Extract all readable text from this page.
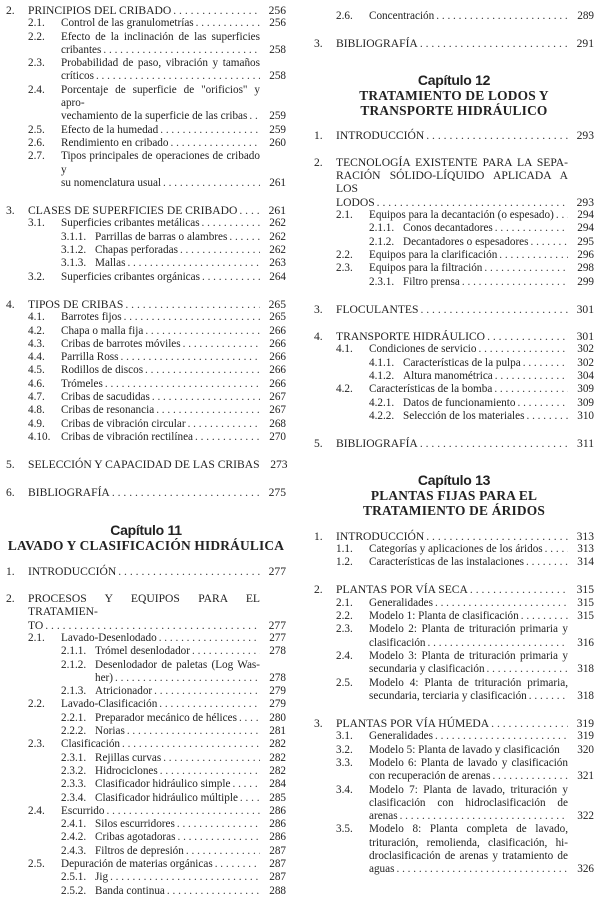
2. PRINCIPIOS DEL CRIBADO . . .	256
2.1. Control de las granulometrías . . .	256
2.2. Efecto de la inclinación de las superficies
cribantes . . .	258
2.3. Probabilidad de paso, vibración y tamaños
críticos . . .	258
2.4. Porcentaje de superficie de "orificios" y apro-
vechamiento de la superficie de las cribas . . .	259
2.5. Efecto de la humedad . . .	259
2.6. Rendimiento en cribado . . .	260
2.7. Tipos principales de operaciones de cribado y
su nomenclatura usual . . .	261
3. CLASES DE SUPERFICIES DE CRIBADO . . .	261
3.1. Superficies cribantes metálicas . . .	262
3.1.1. Parrillas de barras o alambres . . .	262
3.1.2. Chapas perforadas . . .	262
3.1.3. Mallas . . .	263
3.2. Superficies cribantes orgánicas . . .	264
4. TIPOS DE CRIBAS . . .	265
4.1. Barrotes fijos . . .	265
4.2. Chapa o malla fija . . .	266
4.3. Cribas de barrotes móviles . . .	266
4.4. Parrilla Ross . . .	266
4.5. Rodillos de discos . . .	266
4.6. Trómeles . . .	266
4.7. Cribas de sacudidas . . .	267
4.8. Cribas de resonancia . . .	267
4.9. Cribas de vibración circular . . .	268
4.10. Cribas de vibración rectilínea . . .	270
5. SELECCIÓN Y CAPACIDAD DE LAS CRIBAS 273
6. BIBLIOGRAFÍA . . .	275
Capítulo 11
LAVADO Y CLASIFICACIÓN HIDRÁULICA
1. INTRODUCCIÓN . . .	277
2. PROCESOS Y EQUIPOS PARA EL TRATAMIEN-
TO . . .	277
2.1. Lavado-Desenlodado . . .	277
2.1.1. Trómel desenlodador . . .	278
2.1.2. Desenlodador de paletas (Log Was-
her) . . .	278
2.1.3. Atricionador . . .	279
2.2. Lavado-Clasificación . . .	279
2.2.1. Preparador mecánico de hélices . . .	280
2.2.2. Norias . . .	281
2.3. Clasificación . . .	282
2.3.1. Rejillas curvas . . .	282
2.3.2. Hidrociclones . . .	282
2.3.3. Clasificador hidráulico simple . . .	284
2.3.4. Clasificador hidráulico múltiple . . .	285
2.4. Escurrido . . .	286
2.4.1. Silos escurridores . . .	286
2.4.2. Cribas agotadoras . . .	286
2.4.3. Filtros de depresión . . .	287
2.5. Depuración de materias orgánicas . . .	287
2.5.1. Jig . . .	287
2.5.2. Banda continua . . .	288
2.6. Concentración . . .	289
3. BIBLIOGRAFÍA . . .	291
Capítulo 12
TRATAMIENTO DE LODOS Y
TRANSPORTE HIDRÁULICO
1. INTRODUCCIÓN . . .	293
2. TECNOLOGÍA EXISTENTE PARA LA SEPA- RACIÓN SÓLIDO-LÍQUIDO APLICADA A LOS
LODOS . . .	293
2.1. Equipos para la decantación (o espesado) . . .	294
2.1.1. Conos decantadores . . .	294
2.1.2. Decantadores o espesadores . . .	295
2.2. Equipos para la clarificación . . .	296
2.3. Equipos para la filtración . . .	298
2.3.1. Filtro prensa . . .	299
3. FLOCULANTES . . .	301
4. TRANSPORTE HIDRÁULICO . . .	301
4.1. Condiciones de servicio . . .	302
4.1.1. Características de la pulpa . . .	302
4.1.2. Altura manométrica . . .	304
4.2. Características de la bomba . . .	309
4.2.1. Datos de funcionamiento . . .	309
4.2.2. Selección de los materiales . . .	310
5. BIBLIOGRAFÍA . . .	311
Capítulo 13
PLANTAS FIJAS PARA EL
TRATAMIENTO DE ÁRIDOS
1. INTRODUCCIÓN . . .	313
1.1. Categorías y aplicaciones de los áridos . . .	313
1.2. Características de las instalaciones . . .	314
2. PLANTAS POR VÍA SECA . . .	315
2.1. Generalidades . . .	315
2.2. Modelo 1: Planta de clasificación . . .	315
2.3. Modelo 2: Planta de trituración primaria y
clasificación . . .	316
2.4. Modelo 3: Planta de trituración primaria y
secundaria y clasificación . . .	318
2.5. Modelo 4: Planta de trituración primaria,
secundaria, terciaria y clasificación . . .	318
3. PLANTAS POR VÍA HÚMEDA . . .	319
3.1. Generalidades . . .	319
3.2. Modelo 5: Planta de lavado y clasificación	320
3.3. Modelo 6: Planta de lavado y clasificación
con recuperación de arenas . . .	321
3.4. Modelo 7: Planta de lavado, trituración y clasificación con hidroclasificación de
arenas . . .	322
3.5. Modelo 8: Planta completa de lavado, trituración, remolienda, clasificación, hi- droclasificación de arenas y tratamiento de
aguas . . .	326
